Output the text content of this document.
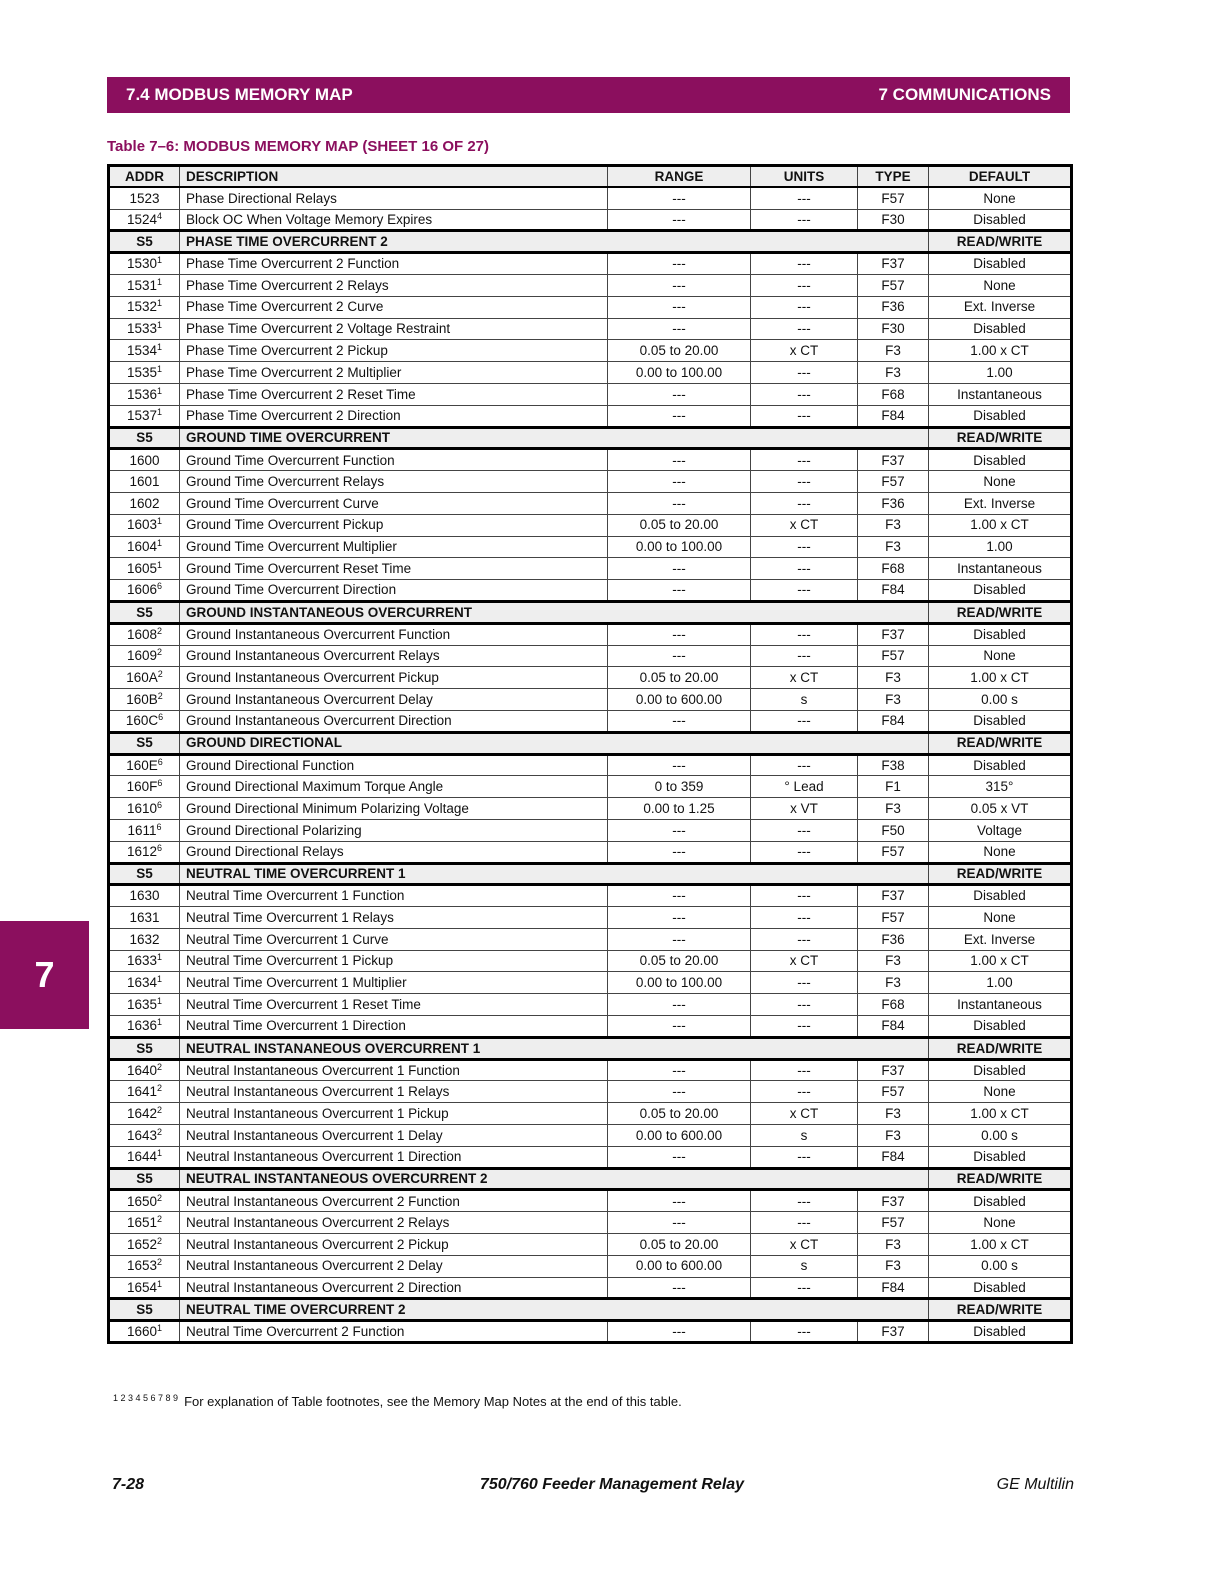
7.4 MODBUS MEMORY MAP	7 COMMUNICATIONS
Table 7–6: MODBUS MEMORY MAP (SHEET 16 OF 27)
7
ADDR	DESCRIPTION	RANGE	UNITS	TYPE	DEFAULT
1523	Phase Directional Relays	---	---	F57	None
1524$^4$	Block OC When Voltage Memory Expires	---	---	F30	Disabled
S5	PHASE TIME OVERCURRENT 2				READ/WRITE
1530$^1$	Phase Time Overcurrent 2 Function	---	---	F37	Disabled
1531$^1$	Phase Time Overcurrent 2 Relays	---	---	F57	None
1532$^1$	Phase Time Overcurrent 2 Curve	---	---	F36	Ext. Inverse
1533$^1$	Phase Time Overcurrent 2 Voltage Restraint	---	---	F30	Disabled
1534$^1$	Phase Time Overcurrent 2 Pickup	0.05 to 20.00	x CT	F3	1.00 x CT
1535$^1$	Phase Time Overcurrent 2 Multiplier	0.00 to 100.00	---	F3	1.00
1536$^1$	Phase Time Overcurrent 2 Reset Time	---	---	F68	Instantaneous
1537$^1$	Phase Time Overcurrent 2 Direction	---	---	F84	Disabled
S5	GROUND TIME OVERCURRENT				READ/WRITE
1600	Ground Time Overcurrent Function	---	---	F37	Disabled
1601	Ground Time Overcurrent Relays	---	---	F57	None
1602	Ground Time Overcurrent Curve	---	---	F36	Ext. Inverse
1603$^1$	Ground Time Overcurrent Pickup	0.05 to 20.00	x CT	F3	1.00 x CT
1604$^1$	Ground Time Overcurrent Multiplier	0.00 to 100.00	---	F3	1.00
1605$^1$	Ground Time Overcurrent Reset Time	---	---	F68	Instantaneous
1606$^6$	Ground Time Overcurrent Direction	---	---	F84	Disabled
S5	GROUND INSTANTANEOUS OVERCURRENT				READ/WRITE
1608$^2$	Ground Instantaneous Overcurrent Function	---	---	F37	Disabled
1609$^2$	Ground Instantaneous Overcurrent Relays	---	---	F57	None
$160A^2$	Ground Instantaneous Overcurrent Pickup	0.05 to 20.00	x CT	F3	1.00 x CT
$160B^2$	Ground Instantaneous Overcurrent Delay	0.00 to 600.00	s	F3	0.00 s
$160C^6$	Ground Instantaneous Overcurrent Direction	---	---	F84	Disabled
S5	GROUND DIRECTIONAL				READ/WRITE
$160E^6$	Ground Directional Function	---	---	F38	Disabled
$160F^6$	Ground Directional Maximum Torque Angle	0 to 359	° Lead	F1	315°
1610$^6$	Ground Directional Minimum Polarizing Voltage	0.00 to 1.25	x VT	F3	0.05 x VT
1611$^6$	Ground Directional Polarizing	---	---	F50	Voltage
1612$^6$	Ground Directional Relays	---	---	F57	None
S5	NEUTRAL TIME OVERCURRENT 1				READ/WRITE
1630	Neutral Time Overcurrent 1 Function	---	---	F37	Disabled
1631	Neutral Time Overcurrent 1 Relays	---	---	F57	None
1632	Neutral Time Overcurrent 1 Curve	---	---	F36	Ext. Inverse
1633$^1$	Neutral Time Overcurrent 1 Pickup	0.05 to 20.00	x CT	F3	1.00 x CT
1634$^1$	Neutral Time Overcurrent 1 Multiplier	0.00 to 100.00	---	F3	1.00
1635$^1$	Neutral Time Overcurrent 1 Reset Time	---	---	F68	Instantaneous
1636$^1$	Neutral Time Overcurrent 1 Direction	---	---	F84	Disabled
S5	NEUTRAL INSTANANEOUS OVERCURRENT 1				READ/WRITE
1640$^2$	Neutral Instantaneous Overcurrent 1 Function	---	---	F37	Disabled
1641$^2$	Neutral Instantaneous Overcurrent 1 Relays	---	---	F57	None
1642$^2$	Neutral Instantaneous Overcurrent 1 Pickup	0.05 to 20.00	x CT	F3	1.00 x CT
1643$^2$	Neutral Instantaneous Overcurrent 1 Delay	0.00 to 600.00	s	F3	0.00 s
1644$^1$	Neutral Instantaneous Overcurrent 1 Direction	---	---	F84	Disabled
S5	NEUTRAL INSTANTANEOUS OVERCURRENT 2				READ/WRITE
1650$^2$	Neutral Instantaneous Overcurrent 2 Function	---	---	F37	Disabled
1651$^2$	Neutral Instantaneous Overcurrent 2 Relays	---	---	F57	None
1652$^2$	Neutral Instantaneous Overcurrent 2 Pickup	0.05 to 20.00	x CT	F3	1.00 x CT
1653$^2$	Neutral Instantaneous Overcurrent 2 Delay	0.00 to 600.00	s	F3	0.00 s
1654$^1$	Neutral Instantaneous Overcurrent 2 Direction	---	---	F84	Disabled
S5	NEUTRAL TIME OVERCURRENT 2				READ/WRITE
1660$^1$	Neutral Time Overcurrent 2 Function	---	---	F37	Disabled
$^{1 2 3 4 5 6 7 8 9}$ For explanation of Table footnotes, see the Memory Map Notes at the end of this table.
7-28	750/760 Feeder Management Relay	GE Multilin
